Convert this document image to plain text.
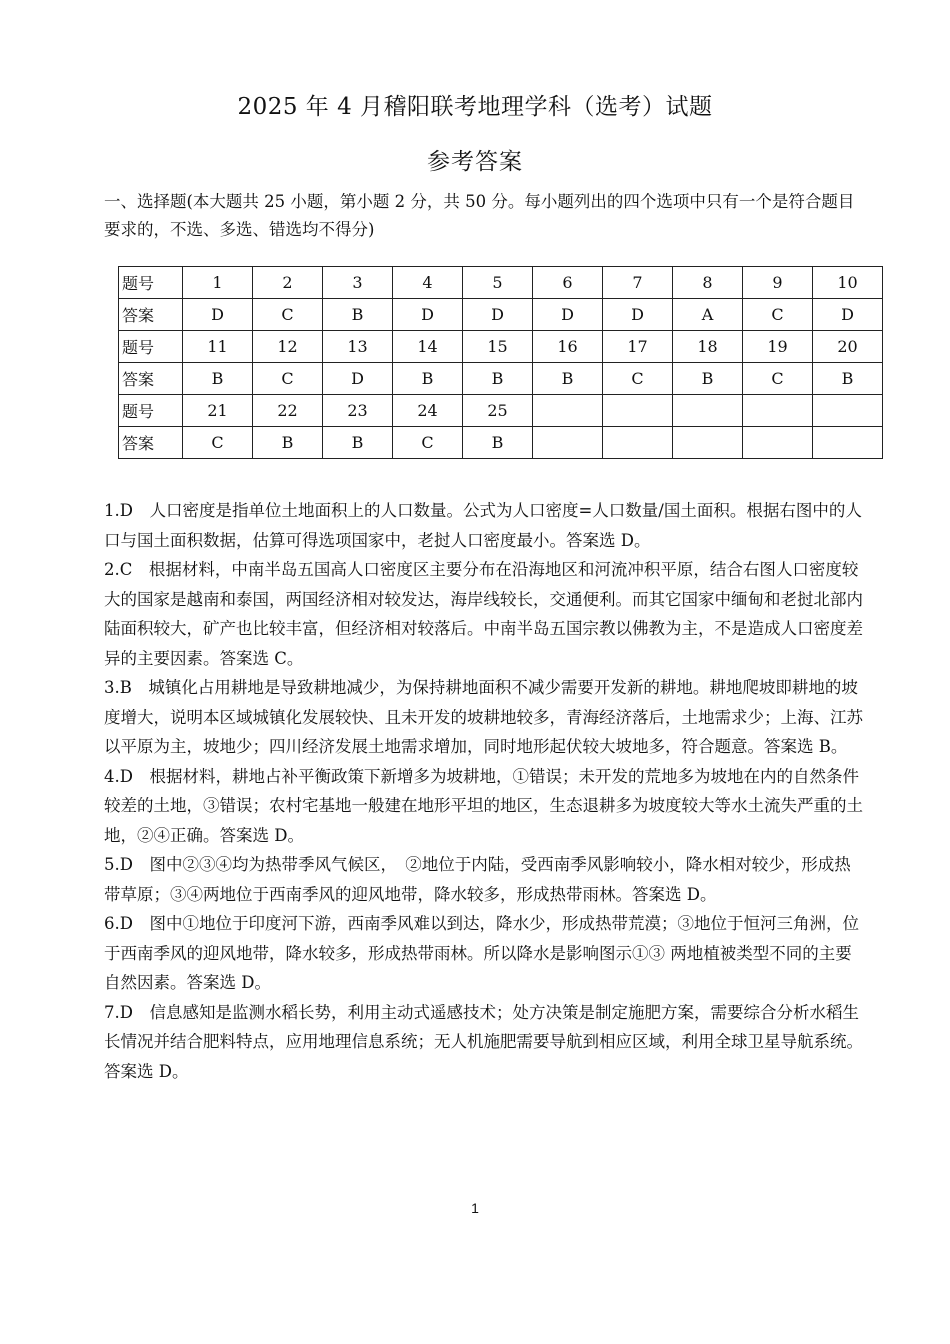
2025 年 4 月稽阳联考地理学科（选考）试题
参考答案
一、选择题(本大题共 25 小题，第小题 2 分，共 50 分。每小题列出的四个选项中只有一个是符合题目要求的，不选、多选、错选均不得分)
题号	1	2	3	4	5	6	7	8	9	10
答案	D	C	B	D	D	D	D	A	C	D
题号	11	12	13	14	15	16	17	18	19	20
答案	B	C	D	B	B	B	C	B	C	B
题号	21	22	23	24	25					
答案	C	B	B	C	B					

1.D　人口密度是指单位土地面积上的人口数量。公式为人口密度=人口数量/国土面积。根据右图中的人口与国土面积数据，估算可得选项国家中，老挝人口密度最小。答案选 D。

2.C　根据材料，中南半岛五国高人口密度区主要分布在沿海地区和河流冲积平原，结合右图人口密度较大的国家是越南和泰国，两国经济相对较发达，海岸线较长，交通便利。而其它国家中缅甸和老挝北部内陆面积较大，矿产也比较丰富，但经济相对较落后。中南半岛五国宗教以佛教为主，不是造成人口密度差异的主要因素。答案选 C。

3.B　城镇化占用耕地是导致耕地减少，为保持耕地面积不减少需要开发新的耕地。耕地爬坡即耕地的坡度增大，说明本区域城镇化发展较快、且未开发的坡耕地较多，青海经济落后，土地需求少；上海、江苏以平原为主，坡地少；四川经济发展土地需求增加，同时地形起伏较大坡地多，符合题意。答案选 B。

4.D　根据材料，耕地占补平衡政策下新增多为坡耕地，①错误；未开发的荒地多为坡地在内的自然条件较差的土地，③错误；农村宅基地一般建在地形平坦的地区，生态退耕多为坡度较大等水土流失严重的土地，②④正确。答案选 D。

5.D　图中②③④均为热带季风气候区，　②地位于内陆，受西南季风影响较小，降水相对较少，形成热带草原；③④两地位于西南季风的迎风地带，降水较多，形成热带雨林。答案选 D。

6.D　图中①地位于印度河下游，西南季风难以到达，降水少，形成热带荒漠；③地位于恒河三角洲，位于西南季风的迎风地带，降水较多，形成热带雨林。所以降水是影响图示①③ 两地植被类型不同的主要自然因素。答案选 D。

7.D　信息感知是监测水稻长势，利用主动式遥感技术；处方决策是制定施肥方案，需要综合分析水稻生长情况并结合肥料特点，应用地理信息系统；无人机施肥需要导航到相应区域，利用全球卫星导航系统。答案选 D。

1
